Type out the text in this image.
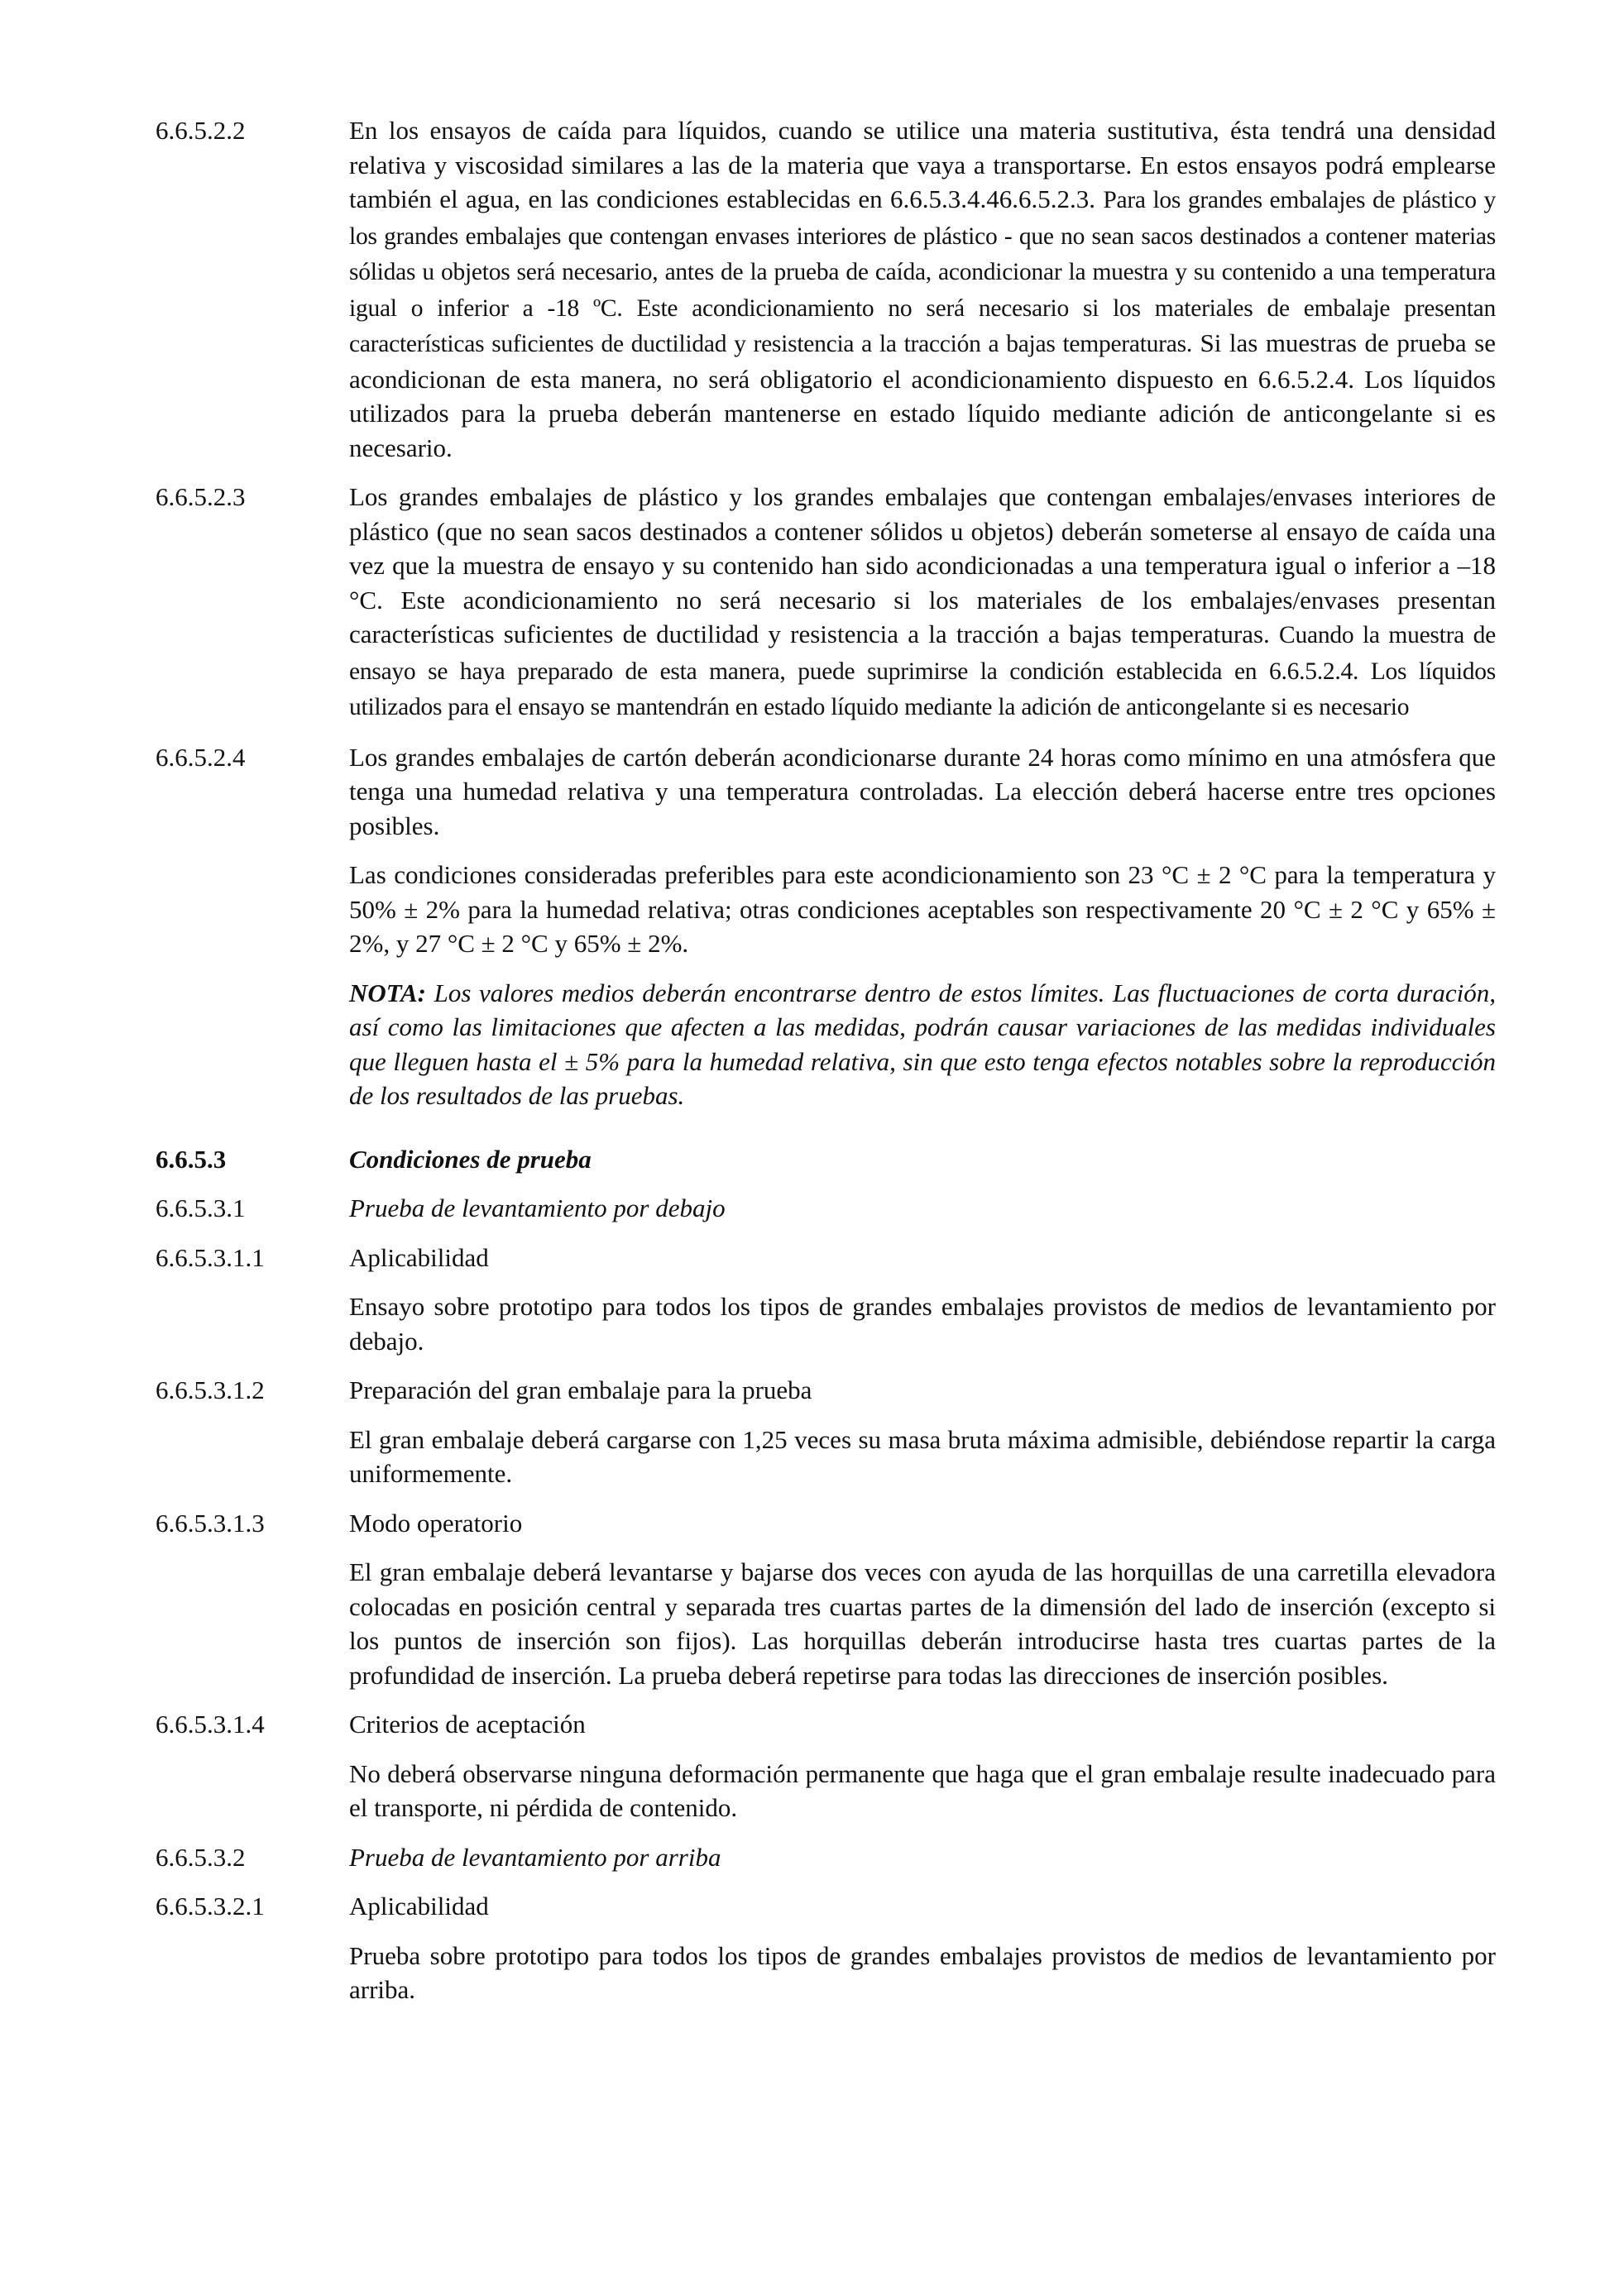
6.6.5.2.2	En los ensayos de caída para líquidos, cuando se utilice una materia sustitutiva, ésta tendrá una densidad relativa y viscosidad similares a las de la materia que vaya a transportarse. En estos ensayos podrá emplearse también el agua, en las condiciones establecidas en 6.6.5.3.4.46.6.5.2.3. Para los grandes embalajes de plástico y los grandes embalajes que contengan envases interiores de plástico - que no sean sacos destinados a contener materias sólidas u objetos será necesario, antes de la prueba de caída, acondicionar la muestra y su contenido a una temperatura igual o inferior a -18 ºC. Este acondicionamiento no será necesario si los materiales de embalaje presentan características suficientes de ductilidad y resistencia a la tracción a bajas temperaturas. Si las muestras de prueba se acondicionan de esta manera, no será obligatorio el acondicionamiento dispuesto en 6.6.5.2.4. Los líquidos utilizados para la prueba deberán mantenerse en estado líquido mediante adición de anticongelante si es necesario.

6.6.5.2.3	Los grandes embalajes de plástico y los grandes embalajes que contengan embalajes/envases interiores de plástico (que no sean sacos destinados a contener sólidos u objetos) deberán someterse al ensayo de caída una vez que la muestra de ensayo y su contenido han sido acondicionadas a una temperatura igual o inferior a –18 °C. Este acondicionamiento no será necesario si los materiales de los embalajes/envases presentan características suficientes de ductilidad y resistencia a la tracción a bajas temperaturas. Cuando la muestra de ensayo se haya preparado de esta manera, puede suprimirse la condición establecida en 6.6.5.2.4. Los líquidos utilizados para el ensayo se mantendrán en estado líquido mediante la adición de anticongelante si es necesario

6.6.5.2.4	Los grandes embalajes de cartón deberán acondicionarse durante 24 horas como mínimo en una atmósfera que tenga una humedad relativa y una temperatura controladas. La elección deberá hacerse entre tres opciones posibles.

Las condiciones consideradas preferibles para este acondicionamiento son 23 °C ± 2 °C para la temperatura y 50% ± 2% para la humedad relativa; otras condiciones aceptables son respectivamente 20 °C ± 2 °C y 65% ± 2%, y 27 °C ± 2 °C y 65% ± 2%.

NOTA: Los valores medios deberán encontrarse dentro de estos límites. Las fluctuaciones de corta duración, así como las limitaciones que afecten a las medidas, podrán causar variaciones de las medidas individuales que lleguen hasta el ± 5% para la humedad relativa, sin que esto tenga efectos notables sobre la reproducción de los resultados de las pruebas.

6.6.5.3	Condiciones de prueba
6.6.5.3.1	Prueba de levantamiento por debajo
6.6.5.3.1.1	Aplicabilidad

Ensayo sobre prototipo para todos los tipos de grandes embalajes provistos de medios de levantamiento por debajo.

6.6.5.3.1.2	Preparación del gran embalaje para la prueba

El gran embalaje deberá cargarse con 1,25 veces su masa bruta máxima admisible, debiéndose repartir la carga uniformemente.

6.6.5.3.1.3	Modo operatorio

El gran embalaje deberá levantarse y bajarse dos veces con ayuda de las horquillas de una carretilla elevadora colocadas en posición central y separada tres cuartas partes de la dimensión del lado de inserción (excepto si los puntos de inserción son fijos). Las horquillas deberán introducirse hasta tres cuartas partes de la profundidad de inserción. La prueba deberá repetirse para todas las direcciones de inserción posibles.

6.6.5.3.1.4	Criterios de aceptación

No deberá observarse ninguna deformación permanente que haga que el gran embalaje resulte inadecuado para el transporte, ni pérdida de contenido.

6.6.5.3.2	Prueba de levantamiento por arriba
6.6.5.3.2.1	Aplicabilidad

Prueba sobre prototipo para todos los tipos de grandes embalajes provistos de medios de levantamiento por arriba.
